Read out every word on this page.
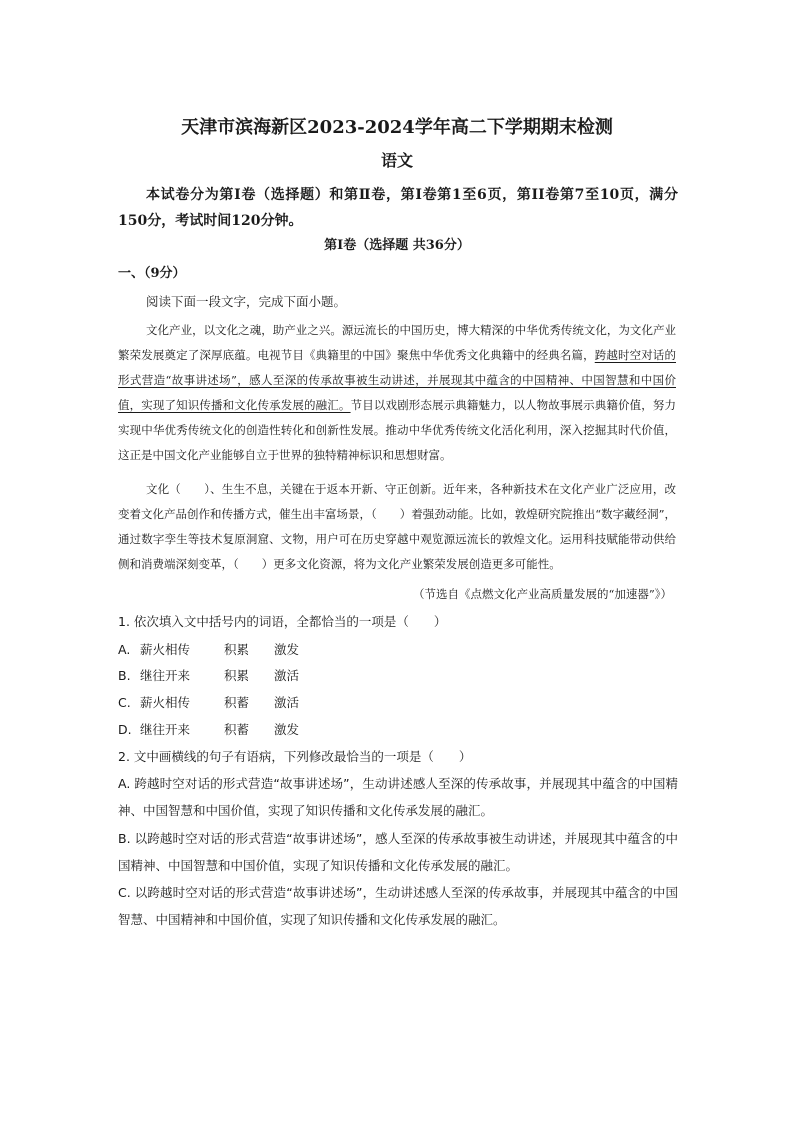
天津市滨海新区2023-2024学年高二下学期期末检测
语文
本试卷分为第Ⅰ卷（选择题）和第Ⅱ卷，第Ⅰ卷第1至6页，第II卷第7至10页，满分150分，考试时间120分钟。
第Ⅰ卷（选择题 共36分）
一、（9分）
阅读下面一段文字，完成下面小题。
文化产业，以文化之魂，助产业之兴。源远流长的中国历史，博大精深的中华优秀传统文化，为文化产业繁荣发展奠定了深厚底蕴。电视节目《典籍里的中国》聚焦中华优秀文化典籍中的经典名篇，跨越时空对话的形式营造“故事讲述场”，感人至深的传承故事被生动讲述，并展现其中蕴含的中国精神、中国智慧和中国价值，实现了知识传播和文化传承发展的融汇。节目以戏剧形态展示典籍魅力，以人物故事展示典籍价值，努力实现中华优秀传统文化的创造性转化和创新性发展。推动中华优秀传统文化活化利用，深入挖掘其时代价值，这正是中国文化产业能够自立于世界的独特精神标识和思想财富。
文化（　　）、生生不息，关键在于返本开新、守正创新。近年来，各种新技术在文化产业广泛应用，改变着文化产品创作和传播方式，催生出丰富场景，（　　）着强劲动能。比如，敦煌研究院推出“数字藏经洞”，通过数字孪生等技术复原洞窟、文物，用户可在历史穿越中观览源远流长的敦煌文化。运用科技赋能带动供给侧和消费端深刻变革，（　　）更多文化资源，将为文化产业繁荣发展创造更多可能性。
（节选自《点燃文化产业高质量发展的“加速器”》）
1. 依次填入文中括号内的词语，全都恰当的一项是（　　）
A. 薪火相传	积累 激发
B. 继往开来	积累 激活
C. 薪火相传	积蓄 激活
D. 继往开来	积蓄 激发
2. 文中画横线的句子有语病，下列修改最恰当的一项是（　　）
A. 跨越时空对话的形式营造“故事讲述场”，生动讲述感人至深的传承故事，并展现其中蕴含的中国精神、中国智慧和中国价值，实现了知识传播和文化传承发展的融汇。
B. 以跨越时空对话的形式营造“故事讲述场”，感人至深的传承故事被生动讲述，并展现其中蕴含的中国精神、中国智慧和中国价值，实现了知识传播和文化传承发展的融汇。
C. 以跨越时空对话的形式营造“故事讲述场”，生动讲述感人至深的传承故事，并展现其中蕴含的中国智慧、中国精神和中国价值，实现了知识传播和文化传承发展的融汇。
